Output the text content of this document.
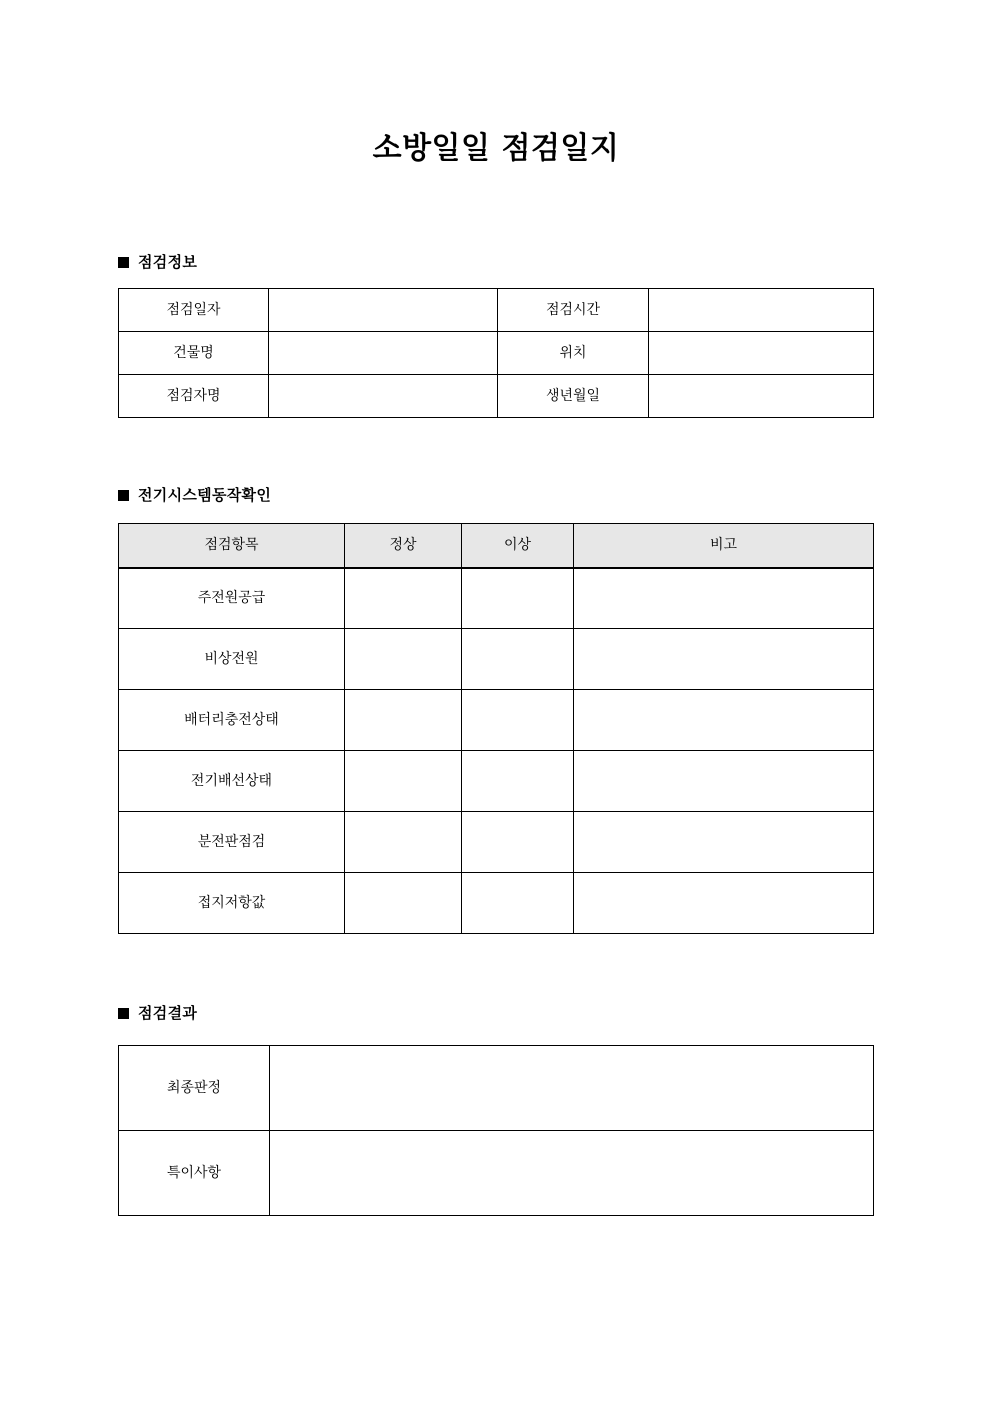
소방일일 점검일지
점검정보
점검일자		점검시간	
건물명		위치	
점검자명		생년월일	
전기시스템동작확인
점검항목	정상	이상	비고
주전원공급			
비상전원			
배터리충전상태			
전기배선상태			
분전판점검			
접지저항값			
점검결과
최종판정	
특이사항	
